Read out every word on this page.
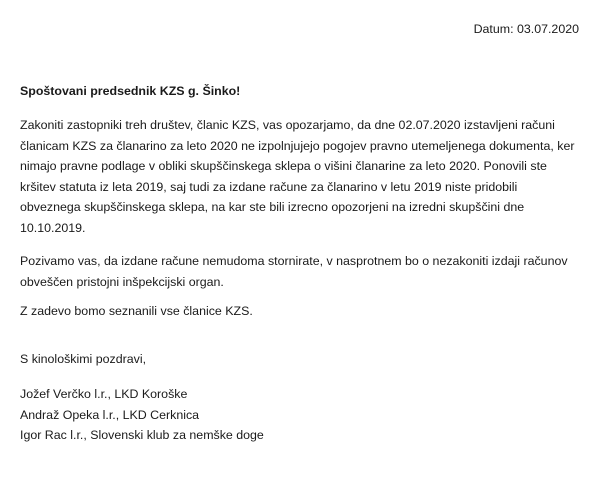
Datum: 03.07.2020
Spoštovani predsednik KZS g. Šinko!

Zakoniti zastopniki treh društev, članic KZS, vas opozarjamo, da dne 02.07.2020 izstavljeni računi
članicam KZS za članarino za leto 2020 ne izpolnjujejo pogojev pravno utemeljenega dokumenta, ker
nimajo pravne podlage v obliki skupščinskega sklepa o višini članarine za leto 2020. Ponovili ste
kršitev statuta iz leta 2019, saj tudi za izdane račune za članarino v letu 2019 niste pridobili
obveznega skupščinskega sklepa, na kar ste bili izrecno opozorjeni na izredni skupščini dne
10.10.2019.

Pozivamo vas, da izdane račune nemudoma stornirate, v nasprotnem bo o nezakoniti izdaji računov
obveščen pristojni inšpekcijski organ.

Z zadevo bomo seznanili vse članice KZS.

S kinološkimi pozdravi,
Jožef Verčko l.r., LKD Koroške
Andraž Opeka l.r., LKD Cerknica
Igor Rac l.r., Slovenski klub za nemške doge
